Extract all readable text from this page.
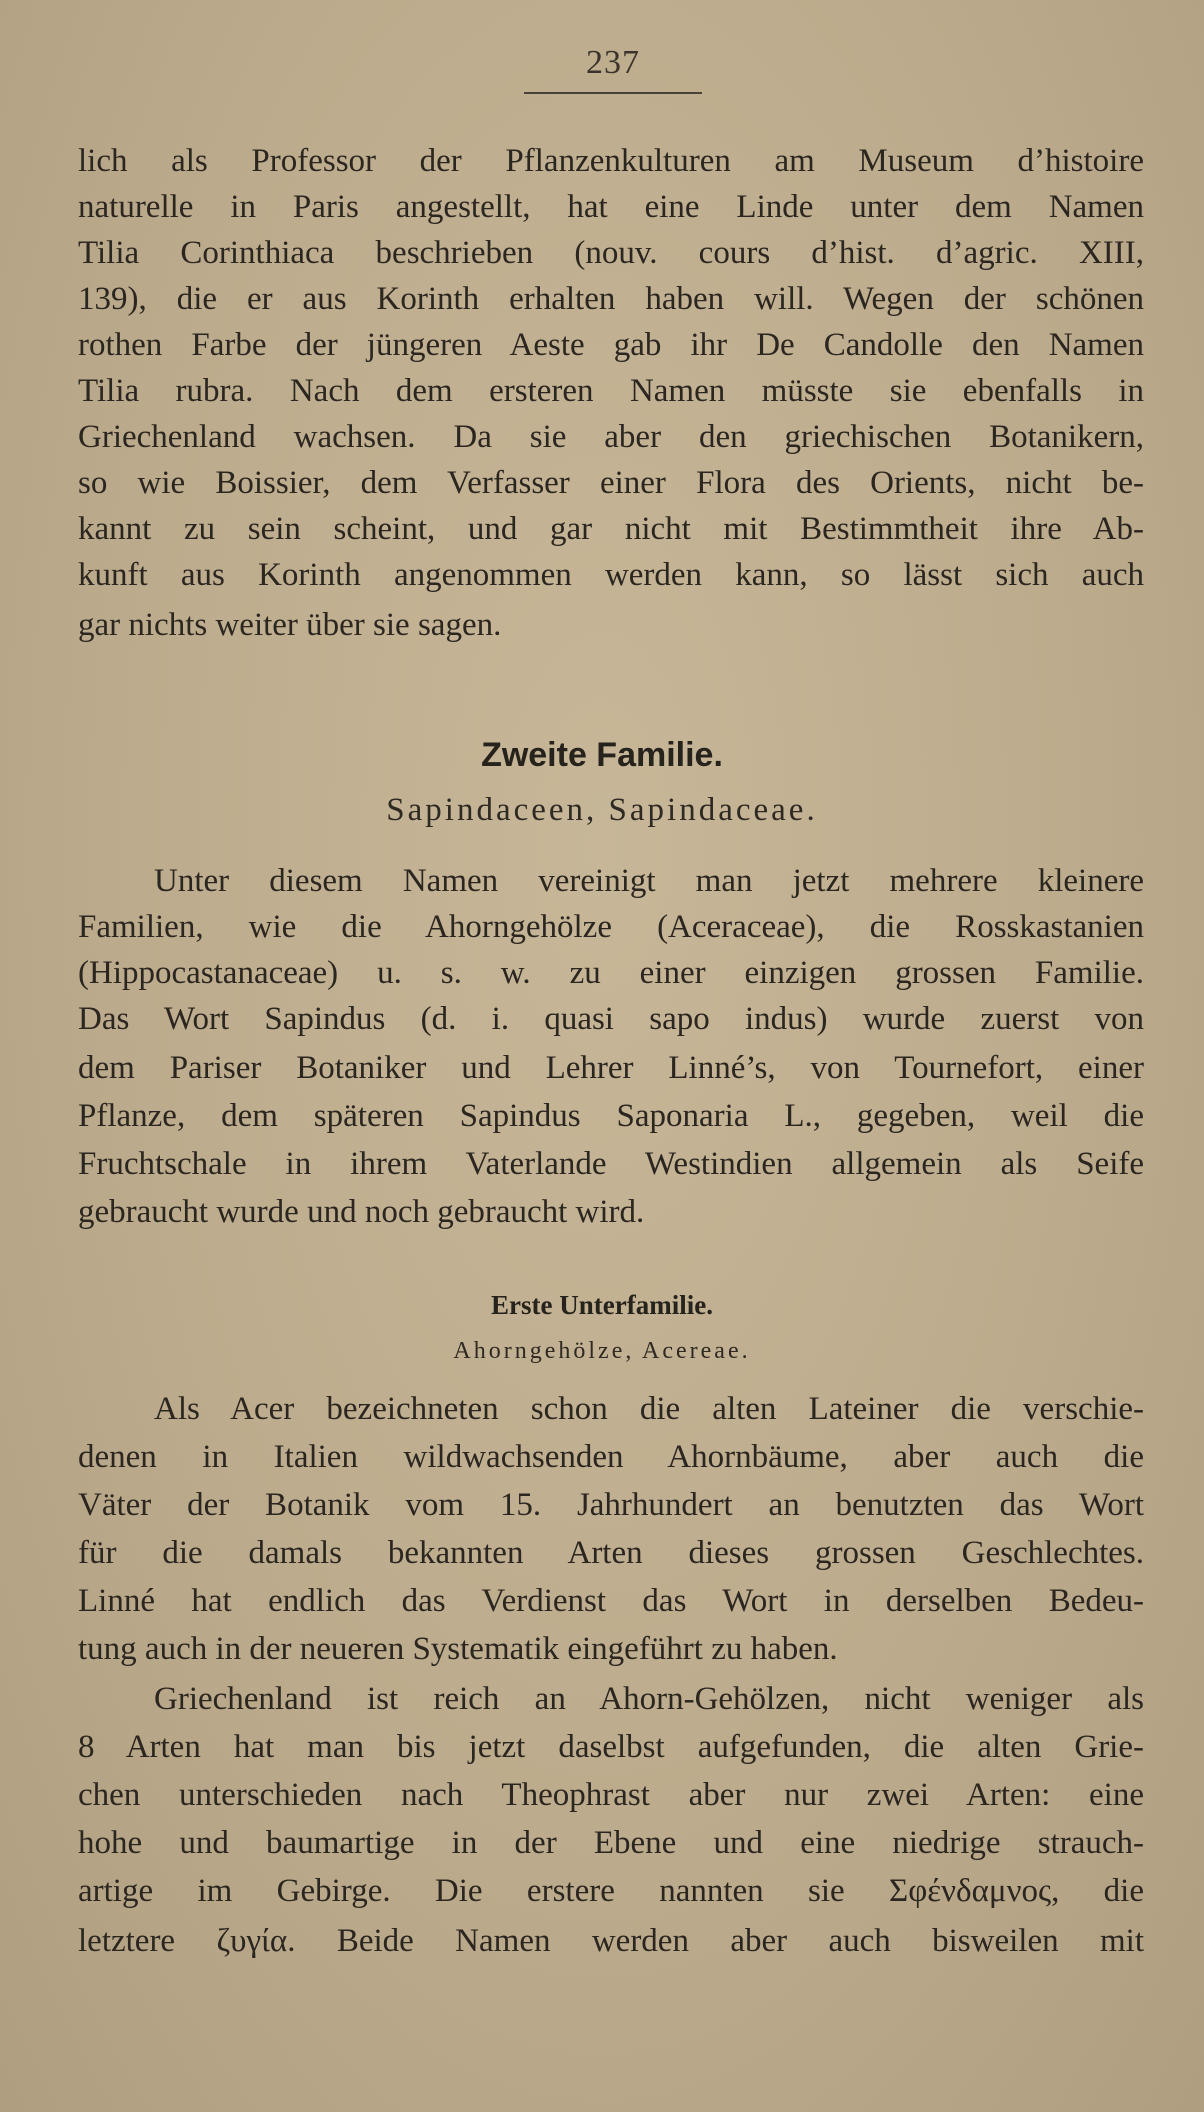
237
lich als Professor der Pflanzenkulturen am Museum d’histoire
naturelle in Paris angestellt, hat eine Linde unter dem Namen
Tilia Corinthiaca beschrieben (nouv. cours d’hist. d’agric. XIII,
139), die er aus Korinth erhalten haben will. Wegen der schönen
rothen Farbe der jüngeren Aeste gab ihr De Candolle den Namen
Tilia rubra. Nach dem ersteren Namen müsste sie ebenfalls in
Griechenland wachsen. Da sie aber den griechischen Botanikern,
so wie Boissier, dem Verfasser einer Flora des Orients, nicht be-
kannt zu sein scheint, und gar nicht mit Bestimmtheit ihre Ab-
kunft aus Korinth angenommen werden kann, so lässt sich auch
gar nichts weiter über sie sagen.
Zweite Familie.
Sapindaceen, Sapindaceae.
Unter diesem Namen vereinigt man jetzt mehrere kleinere
Familien, wie die Ahorngehölze (Aceraceae), die Rosskastanien
(Hippocastanaceae) u. s. w. zu einer einzigen grossen Familie.
Das Wort Sapindus (d. i. quasi sapo indus) wurde zuerst von
dem Pariser Botaniker und Lehrer Linné’s, von Tournefort, einer
Pflanze, dem späteren Sapindus Saponaria L., gegeben, weil die
Fruchtschale in ihrem Vaterlande Westindien allgemein als Seife
gebraucht wurde und noch gebraucht wird.
Erste Unterfamilie.
Ahorngehölze, Acereae.
Als Acer bezeichneten schon die alten Lateiner die verschie-
denen in Italien wildwachsenden Ahornbäume, aber auch die
Väter der Botanik vom 15. Jahrhundert an benutzten das Wort
für die damals bekannten Arten dieses grossen Geschlechtes.
Linné hat endlich das Verdienst das Wort in derselben Bedeu-
tung auch in der neueren Systematik eingeführt zu haben.
Griechenland ist reich an Ahorn-Gehölzen, nicht weniger als
8 Arten hat man bis jetzt daselbst aufgefunden, die alten Grie-
chen unterschieden nach Theophrast aber nur zwei Arten: eine
hohe und baumartige in der Ebene und eine niedrige strauch-
artige im Gebirge. Die erstere nannten sie Σφένδαμνος, die
letztere ζυγία. Beide Namen werden aber auch bisweilen mit
